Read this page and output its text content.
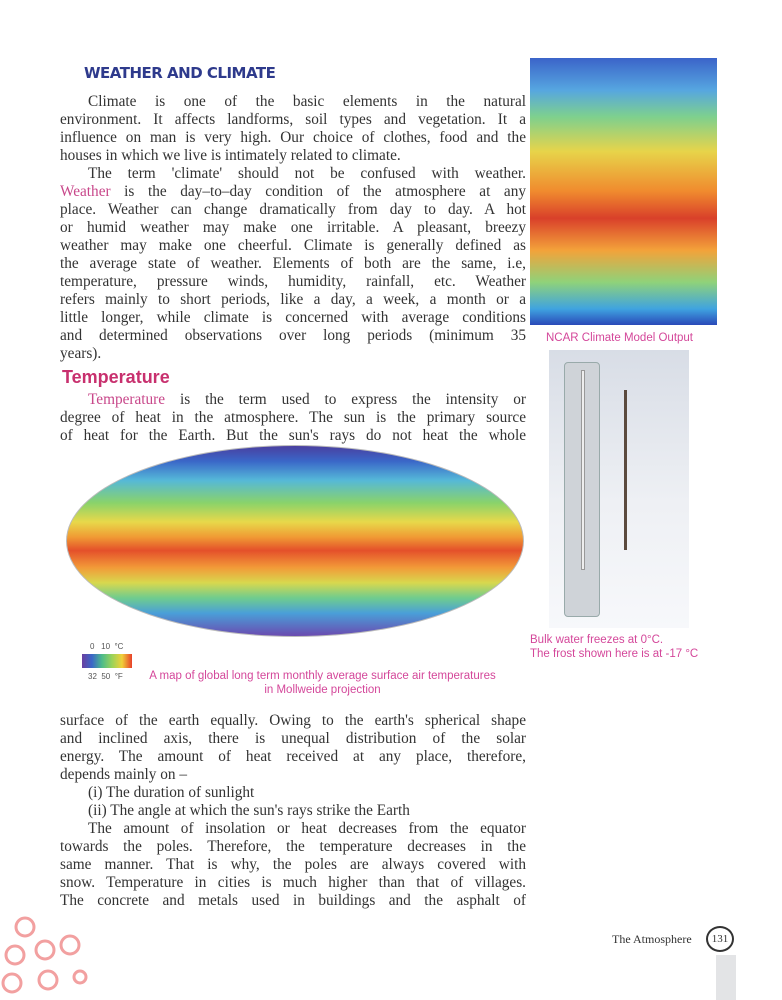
WEATHER AND CLIMATE
Climate is one of the basic elements in the natural
environment. It affects landforms, soil types and vegetation. It a
influence on man is very high. Our choice of clothes, food and the
houses in which we live is intimately related to climate.
The term 'climate' should not be confused with weather.
Weather is the day–to–day condition of the atmosphere at any
place. Weather can change dramatically from day to day. A hot
or humid weather may make one irritable. A pleasant, breezy
weather may make one cheerful. Climate is generally defined as
the average state of weather. Elements of both are the same, i.e,
temperature, pressure winds, humidity, rainfall, etc. Weather
refers mainly to short periods, like a day, a week, a month or a
little longer, while climate is concerned with average conditions
and determined observations over long periods (minimum 35
years).
Temperature
Temperature is the term used to express the intensity or
degree of heat in the atmosphere. The sun is the primary source
of heat for the Earth. But the sun's rays do not heat the whole
surface of the earth equally. Owing to the earth's spherical shape
and inclined axis, there is unequal distribution of the solar
energy. The amount of heat received at any place, therefore,
depends mainly on –
(i) The duration of sunlight
(ii) The angle at which the sun's rays strike the Earth
The amount of insolation or heat decreases from the equator
towards the poles. Therefore, the temperature decreases in the
same manner. That is why, the poles are always covered with
snow. Temperature in cities is much higher than that of villages.
The concrete and metals used in buildings and the asphalt of
NCAR Climate Model Output
Bulk water freezes at 0°C.
The frost shown here is at -17 °C
0   10  °C
32  50  °F	A map of global long term monthly average surface air temperatures
in Mollweide projection
The Atmosphere	131
